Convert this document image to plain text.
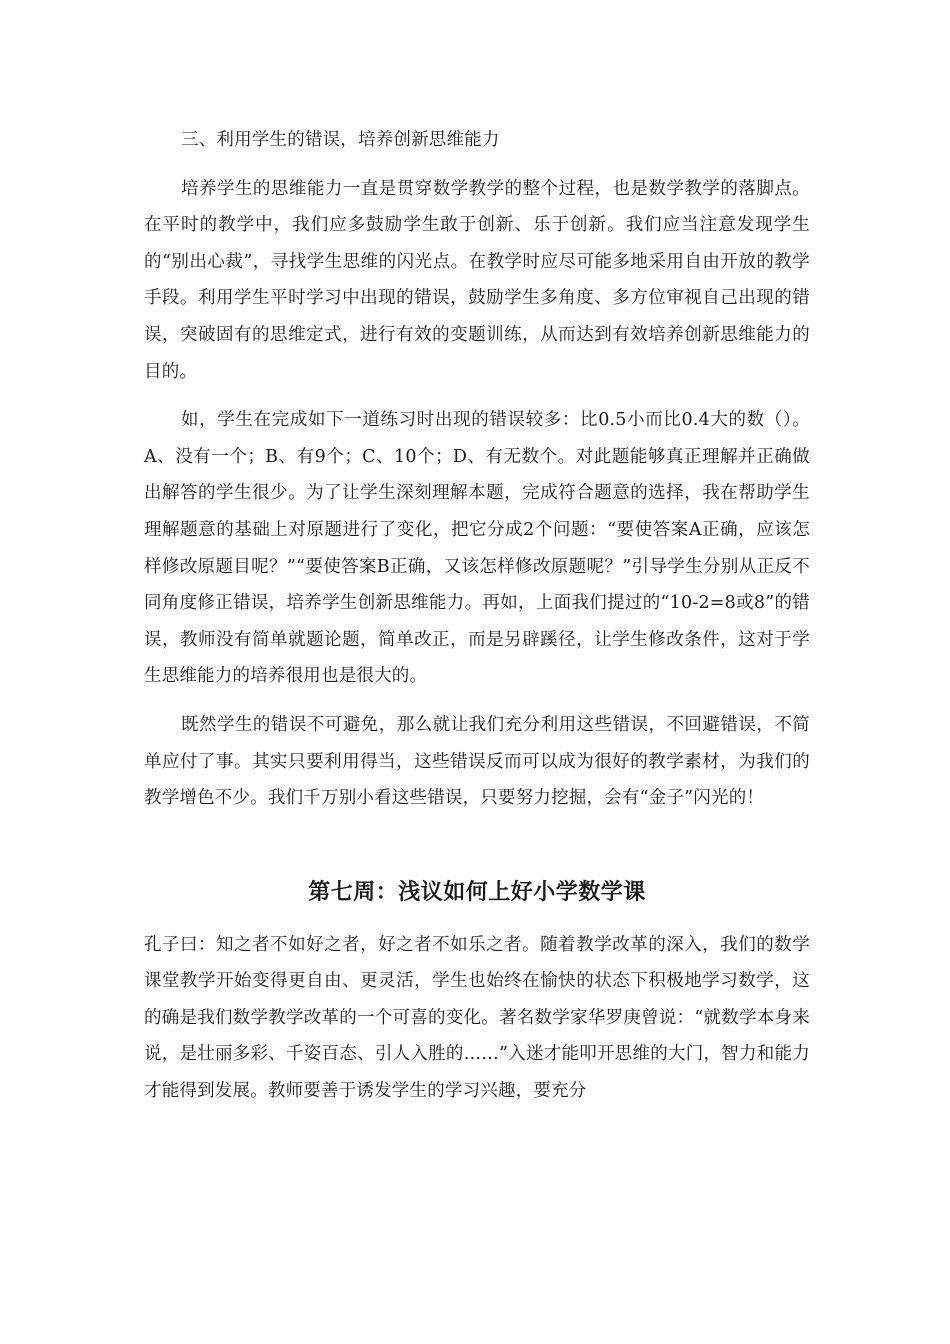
三、利用学生的错误，培养创新思维能力

培养学生的思维能力一直是贯穿数学教学的整个过程，也是数学教学的落脚点。在平时的教学中，我们应多鼓励学生敢于创新、乐于创新。我们应当注意发现学生的“别出心裁”，寻找学生思维的闪光点。在教学时应尽可能多地采用自由开放的教学手段。利用学生平时学习中出现的错误，鼓励学生多角度、多方位审视自己出现的错误，突破固有的思维定式，进行有效的变题训练，从而达到有效培养创新思维能力的目的。

如，学生在完成如下一道练习时出现的错误较多：比0.5小而比0.4大的数（）。A、没有一个；B、有9个；C、10个；D、有无数个。对此题能够真正理解并正确做出解答的学生很少。为了让学生深刻理解本题，完成符合题意的选择，我在帮助学生理解题意的基础上对原题进行了变化，把它分成2个问题：“要使答案A正确，应该怎样修改原题目呢？”“要使答案B正确，又该怎样修改原题呢？”引导学生分别从正反不同角度修正错误，培养学生创新思维能力。再如，上面我们提过的“10-2=8或8”的错误，教师没有简单就题论题，简单改正，而是另辟蹊径，让学生修改条件，这对于学生思维能力的培养很用也是很大的。

既然学生的错误不可避免，那么就让我们充分利用这些错误，不回避错误，不简单应付了事。其实只要利用得当，这些错误反而可以成为很好的教学素材，为我们的教学增色不少。我们千万别小看这些错误，只要努力挖掘，会有“金子”闪光的！

第七周：浅议如何上好小学数学课

孔子曰：知之者不如好之者，好之者不如乐之者。随着教学改革的深入，我们的数学课堂教学开始变得更自由、更灵活，学生也始终在愉快的状态下积极地学习数学，这的确是我们数学教学改革的一个可喜的变化。著名数学家华罗庚曾说：“就数学本身来说，是壮丽多彩、千姿百态、引人入胜的……”入迷才能叩开思维的大门，智力和能力才能得到发展。教师要善于诱发学生的学习兴趣，要充分
